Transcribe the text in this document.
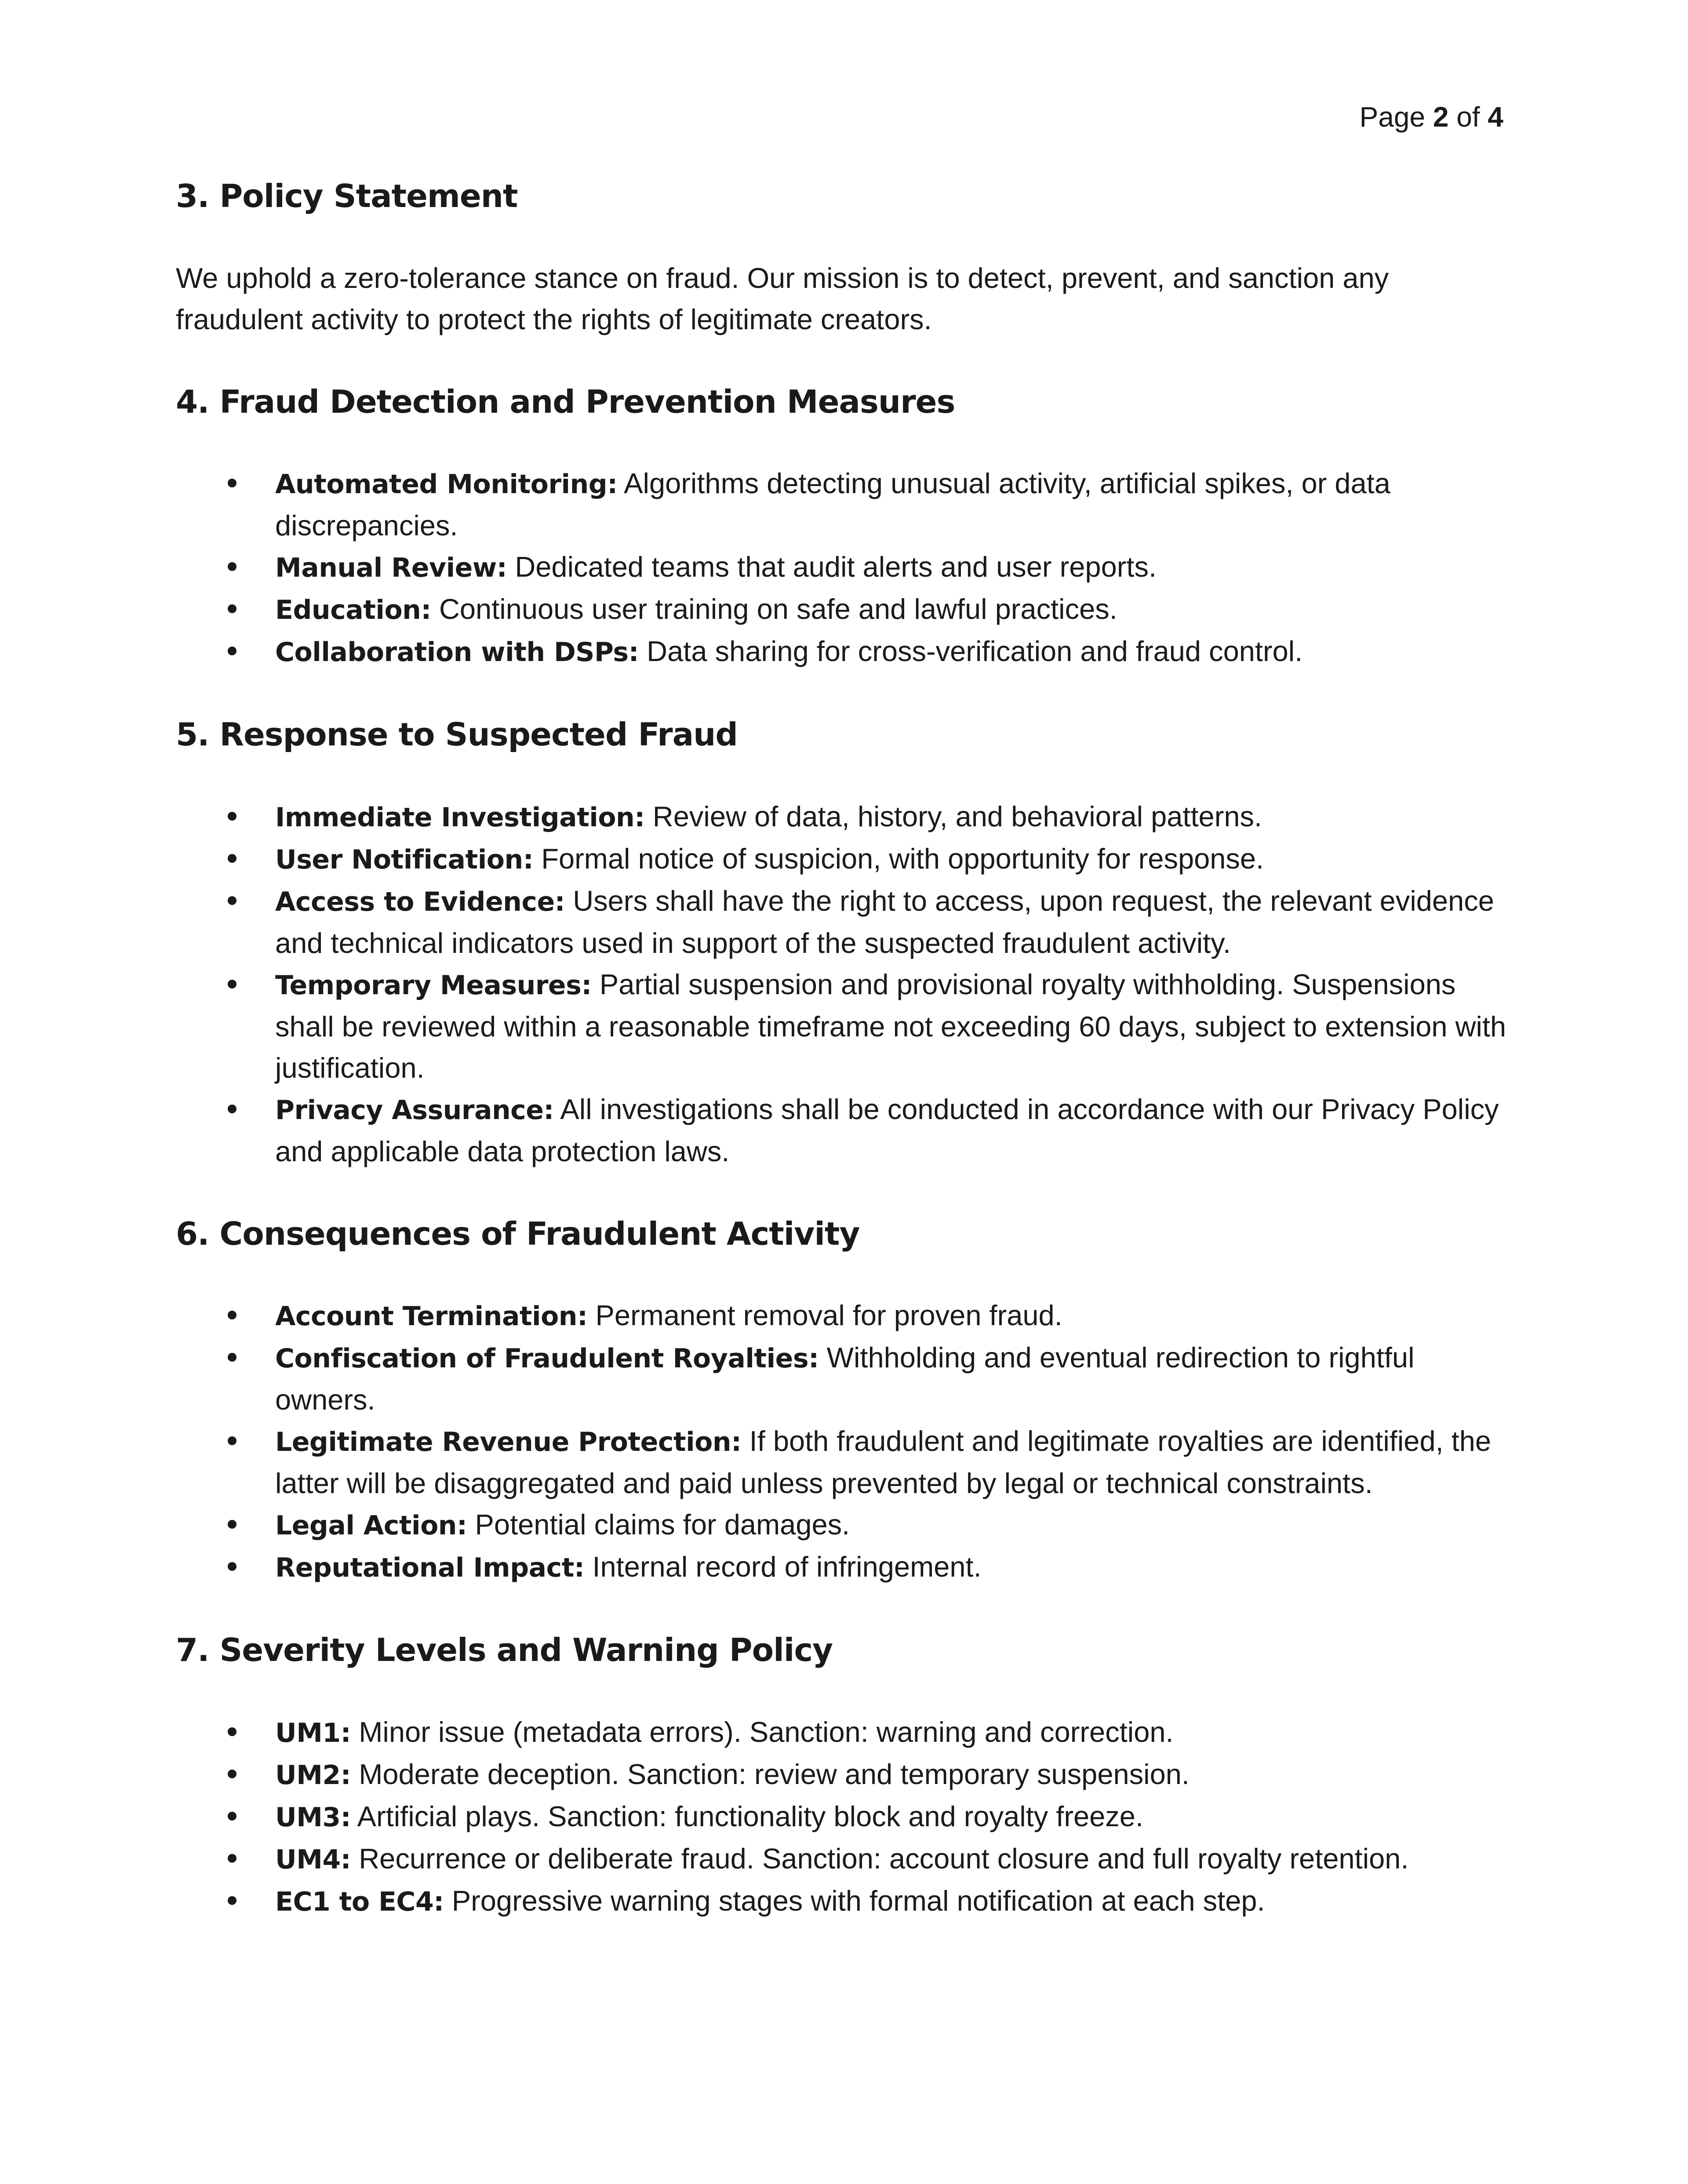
Page 2 of 4
3. Policy Statement

We uphold a zero-tolerance stance on fraud. Our mission is to detect, prevent, and sanction any fraudulent activity to protect the rights of legitimate creators.

4. Fraud Detection and Prevention Measures
Automated Monitoring: Algorithms detecting unusual activity, artificial spikes, or data discrepancies.
Manual Review: Dedicated teams that audit alerts and user reports.
Education: Continuous user training on safe and lawful practices.
Collaboration with DSPs: Data sharing for cross-verification and fraud control.
5. Response to Suspected Fraud
Immediate Investigation: Review of data, history, and behavioral patterns.
User Notification: Formal notice of suspicion, with opportunity for response.
Access to Evidence: Users shall have the right to access, upon request, the relevant evidence and technical indicators used in support of the suspected fraudulent activity.
Temporary Measures: Partial suspension and provisional royalty withholding. Suspensions shall be reviewed within a reasonable timeframe not exceeding 60 days, subject to extension with justification.
Privacy Assurance: All investigations shall be conducted in accordance with our Privacy Policy and applicable data protection laws.
6. Consequences of Fraudulent Activity
Account Termination: Permanent removal for proven fraud.
Confiscation of Fraudulent Royalties: Withholding and eventual redirection to rightful owners.
Legitimate Revenue Protection: If both fraudulent and legitimate royalties are identified, the latter will be disaggregated and paid unless prevented by legal or technical constraints.
Legal Action: Potential claims for damages.
Reputational Impact: Internal record of infringement.
7. Severity Levels and Warning Policy
UM1: Minor issue (metadata errors). Sanction: warning and correction.
UM2: Moderate deception. Sanction: review and temporary suspension.
UM3: Artificial plays. Sanction: functionality block and royalty freeze.
UM4: Recurrence or deliberate fraud. Sanction: account closure and full royalty retention.
EC1 to EC4: Progressive warning stages with formal notification at each step.
